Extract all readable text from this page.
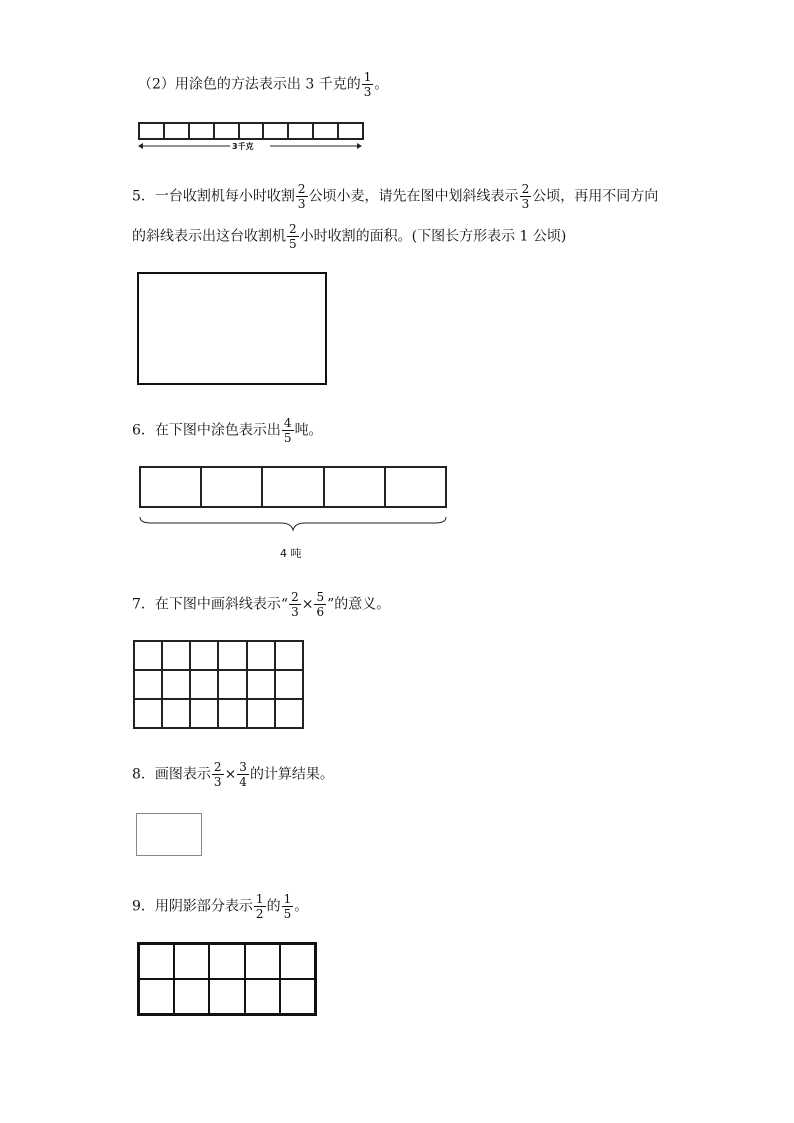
（2）用涂色的方法表示出 3 千克的 $\frac{1}{3}$ 。
3千克
5．一台收割机每小时收割 $\frac{2}{3}$ 公顷小麦，请先在图中划斜线表示 $\frac{2}{3}$ 公顷，再用不同方向
的斜线表示出这台收割机 $\frac{2}{5}$ 小时收割的面积。(下图长方形表示 1 公顷)
6．在下图中涂色表示出 $\frac{4}{5}$ 吨。
4 吨
7．在下图中画斜线表示“ $\frac{2}{3} \times \frac{5}{6}$ ”的意义。
8．画图表示 $\frac{2}{3} \times \frac{3}{4}$ 的计算结果。
9．用阴影部分表示 $\frac{1}{2}$ 的 $\frac{1}{5}$ 。
